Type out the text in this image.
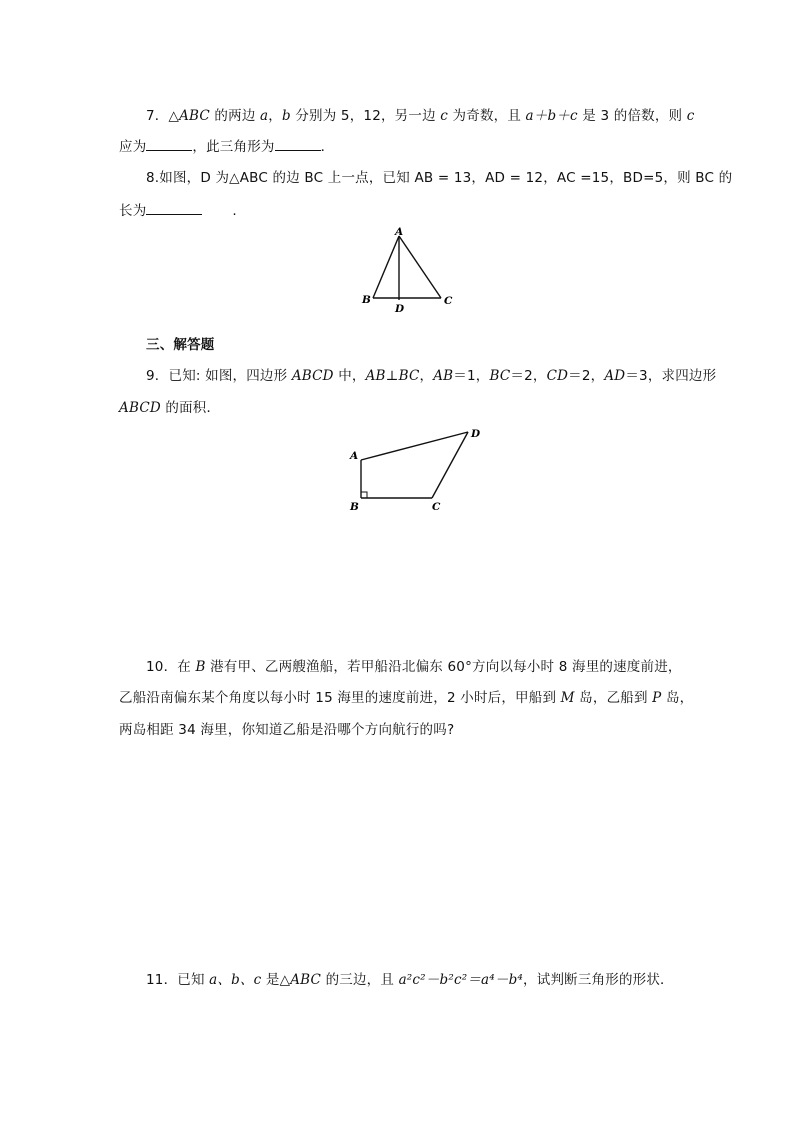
7．△ABC 的两边 a，b 分别为 5，12，另一边 c 为奇数，且 a＋b＋c 是 3 的倍数，则 c
应为	，此三角形为	．
8.如图，D 为△ABC 的边 BC 上一点，已知 AB = 13，AD = 12，AC =15，BD=5，则 BC 的
长为	.
A
B	C
D
三、解答题
9．已知: 如图，四边形 ABCD 中，AB⊥BC，AB＝1，BC＝2，CD＝2，AD＝3，求四边形
ABCD 的面积．
A
B	C
D
10．在 B 港有甲、乙两艘渔船，若甲船沿北偏东 60°方向以每小时 8 海里的速度前进，
乙船沿南偏东某个角度以每小时 15 海里的速度前进，2 小时后，甲船到 M 岛，乙船到 P 岛，
两岛相距 34 海里，你知道乙船是沿哪个方向航行的吗?
11．已知 a、b、c 是△ABC 的三边，且 a²c²－b²c²＝a⁴－b⁴，试判断三角形的形状．
